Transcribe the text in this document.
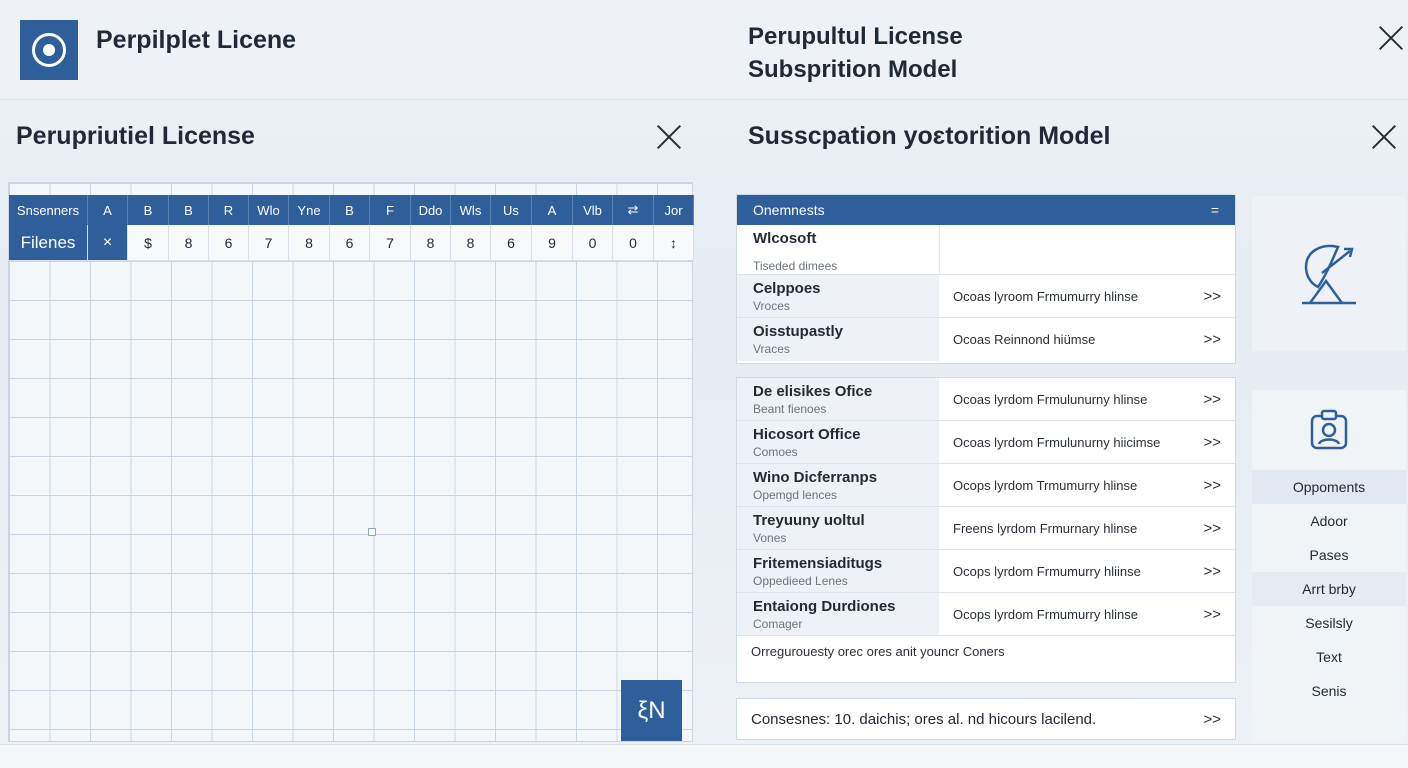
Perpilplet Licene	Perupultul License
Subsprition Model
Perupriutiel License
Snsenners	A	B	B	R	Wlo	Yne	B	F	Ddo	Wls	Us	A	Vlb	⇄	Jor
Filenes	×	$	8	6	7	8	6	7	8	8	6	9	0	0	↕
ξN
Susscpation yoɛtorition Model
Onemnests	=
Wlcosoft
Tiseded dimees
Celppoes
Vroces
Ocoas lyroom Frmumurry hlinse	>>
Oisstupastly
Vraces
Ocoas Reinnond hiümse	>>
De elisikes Ofice
Beant fienoes
Ocoas lyrdom Frmulunurny hlinse	>>
Hicosort Office
Comoes
Ocoas lyrdom Frmulunurny hiicimse	>>
Wino Dicferranps
Opemgd lences
Ocops lyrdom Trmumurry hlinse	>>
Treyuuny uoltul
Vones
Freens lyrdom Frmurnary hlinse	>>
Fritemensiaditugs
Oppedieed Lenes
Ocops lyrdom Frmumurry hliinse	>>
Entaiong Durdiones
Comager
Ocops lyrdom Frmumurry hlinse	>>
Orregurouesty orec ores anit youncr Coners
Consesnes: 10. daichis; ores al. nd hicours lacilend.	>>
Oppoments
Adoor
Pases
Arrt brby
Sesilsly
Text
Senis
